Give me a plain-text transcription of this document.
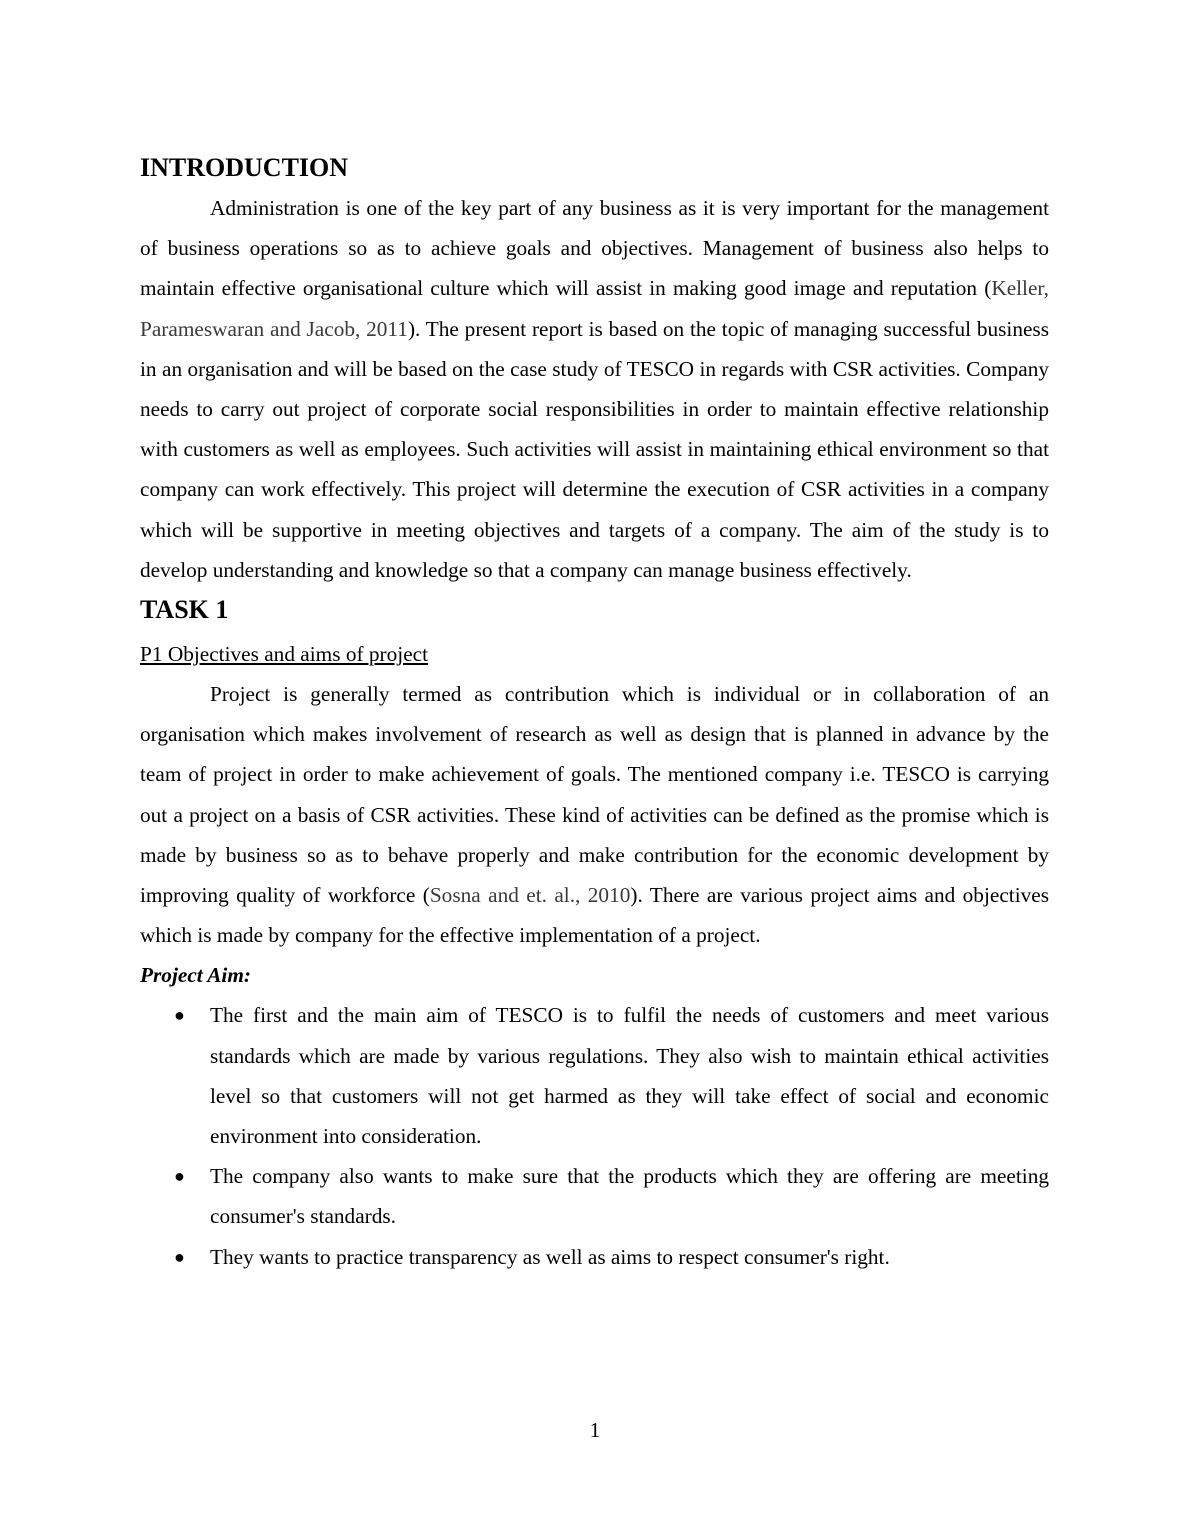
INTRODUCTION

Administration is one of the key part of any business as it is very important for the management of business operations so as to achieve goals and objectives. Management of business also helps to maintain effective organisational culture which will assist in making good image and reputation (Keller, Parameswaran and Jacob, 2011). The present report is based on the topic of managing successful business in an organisation and will be based on the case study of TESCO in regards with CSR activities. Company needs to carry out project of corporate social responsibilities in order to maintain effective relationship with customers as well as employees. Such activities will assist in maintaining ethical environment so that company can work effectively. This project will determine the execution of CSR activities in a company which will be supportive in meeting objectives and targets of a company. The aim of the study is to develop understanding and knowledge so that a company can manage business effectively.

TASK 1
P1 Objectives and aims of project

Project is generally termed as contribution which is individual or in collaboration of an organisation which makes involvement of research as well as design that is planned in advance by the team of project in order to make achievement of goals. The mentioned company i.e. TESCO is carrying out a project on a basis of CSR activities. These kind of activities can be defined as the promise which is made by business so as to behave properly and make contribution for the economic development by improving quality of workforce (Sosna and et. al., 2010). There are various project aims and objectives which is made by company for the effective implementation of a project.

Project Aim:
● The first and the main aim of TESCO is to fulfil the needs of customers and meet various standards which are made by various regulations. They also wish to maintain ethical activities level so that customers will not get harmed as they will take effect of social and economic environment into consideration.
● The company also wants to make sure that the products which they are offering are meeting consumer's standards.
● They wants to practice transparency as well as aims to respect consumer's right.
1
